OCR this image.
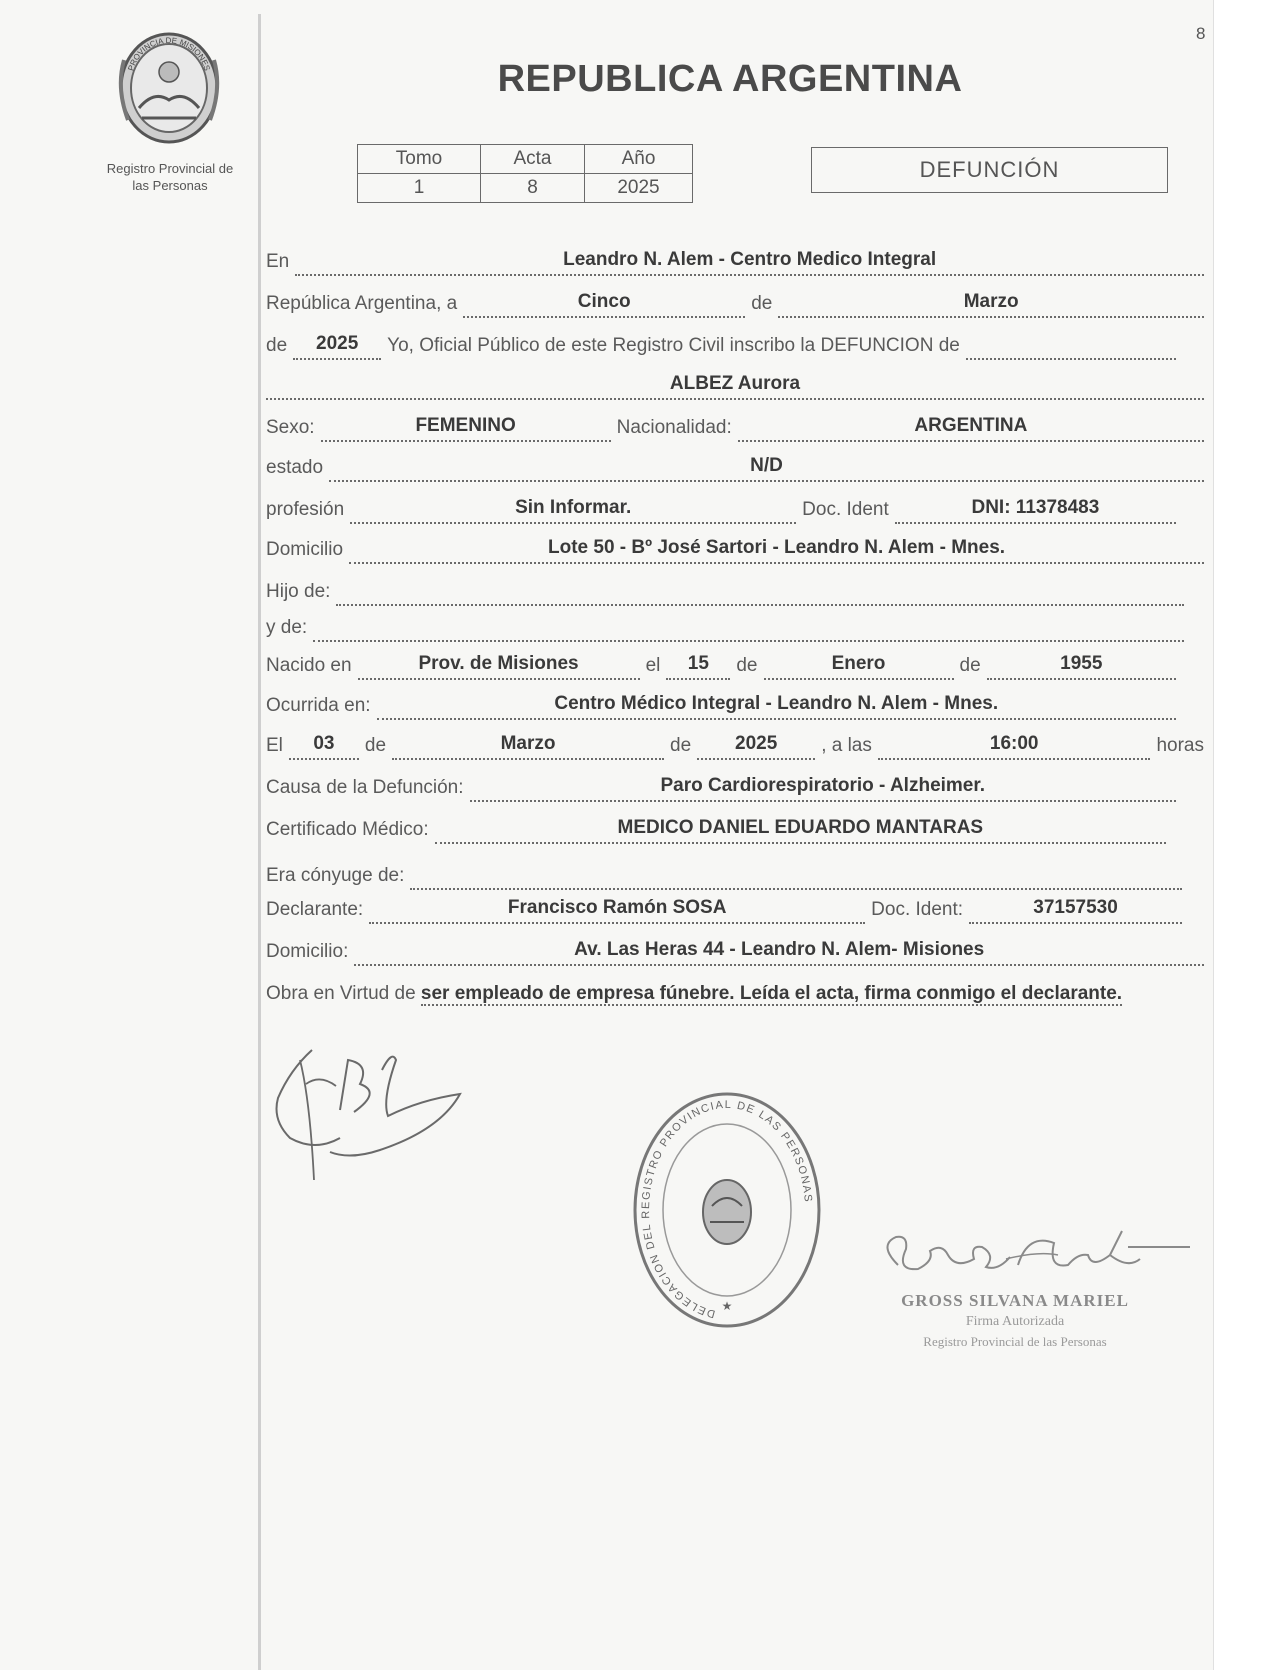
8
PROVINCIA DE MISIONES
Registro Provincial de
las Personas
REPUBLICA ARGENTINA
Tomo	Acta	Año
1	8	2025
DEFUNCIÓN
En	Leandro N. Alem - Centro Medico Integral
República Argentina, a	Cinco	de	Marzo
de	2025	Yo, Oficial Público de este Registro Civil inscribo la DEFUNCION de
ALBEZ Aurora
Sexo:	FEMENINO	Nacionalidad:	ARGENTINA
estado	N/D
profesión	Sin Informar.	Doc. Ident	DNI: 11378483
Domicilio	Lote 50 - Bº José Sartori - Leandro N. Alem - Mnes.
Hijo de:
y de:
Nacido en	Prov. de Misiones	el	15	de	Enero	de	1955
Ocurrida en:	Centro Médico Integral - Leandro N. Alem - Mnes.
El	03	de	Marzo	de	2025	, a las	16:00	horas
Causa de la Defunción:	Paro Cardiorespiratorio - Alzheimer.
Certificado Médico:	MEDICO DANIEL EDUARDO MANTARAS
Era cónyuge de:
Declarante:	Francisco Ramón SOSA	Doc. Ident:	37157530
Domicilio:	Av. Las Heras 44 - Leandro N. Alem- Misiones
Obra en Virtud de ser empleado de empresa fúnebre. Leída el acta, firma conmigo el declarante.
DELEGACION DEL REGISTRO PROVINCIAL DE LAS PERSONAS
★	GROSS SILVANA MARIEL
Firma Autorizada
Registro Provincial de las Personas
